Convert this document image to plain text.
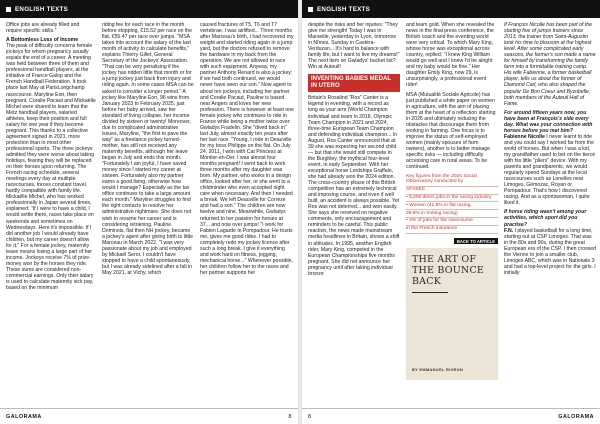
ENGLISH TEXTS

Office jobs are already filled and require specific skills."

A Bottomless Loss of Income

The peak of difficulty concerns female jockeys for whom pregnancy usually equals the end of a career. A meeting was held between three of them and professional handball players, at the initiative of France Galop and the French Handball Federation. It took place last May at ParisLongchamp racecourse. Maryline Eon, then pregnant, Coralie Pacaut and Mickaëlle Michel were shared to learn that the Metz handball players, salaried athletes, keep their position and full salary for one year if they become pregnant. This thanks to a collective agreement signed in 2021, more protection than in most other professional sports. The three jockeys admitted they were worse about taking holidays, fearing they will be replaced on their horses upon returning. The French racing schedule, several meetings every day at multiple racecourses, forces constant travel, hardly compatible with family life. Mickaëlle Michel, who has worked professionally in Japan several times, explained: "If I were to have a child, I would settle there, races take place on weekends and sometimes on Wednesdays. Here it's impossible. If I did another job I would already have children, but my career doesn't allow for it." For a female jockey, maternity leave means losing a large part of her income. Jockeys receive 7% of prize-money won by the horses they ride. These sums are considered non-commercial earnings. Only their salary is used to calculate maternity sick pay, based on the minimum

riding fee for each race in the month before stopping, €15.52 per race on the flat, €55.47 per race over jumps. "MSA takes into account the salary of the last month of activity to calculate benefits," explains Thierry Gillet, General Secretary of the Jockeys' Association. "That can be very penalising if the jockey has ridden little that month or for a jump jockey just back from injury and riding again. In some cases MSA can be asked to consider a longer period." A jockey like Maryline Eon, 96 wins from January 2023 to February 2025, just before her baby arrived, saw her standard of living collapse, her income divided by sixteen or twenty! Moreover, due to complicated administrative issues, Maryline, "the first to pave the way" as a freelance jockey turned-mother, has still not received any maternity benefits, although her leave began in July and ends this month. "Fortunately I am joyful, I have saved money since I started my career at sixteen. Fortunately also my partner earns a good living, otherwise how would I manage? Especially as the tax office continues to take a large amount each month." Maryline struggles to find the right contacts to resolve her administrative nightmare. She does not wish to resume her career and is considering retraining. Pauline Dominois, flat then NH jockey, became a jockey's agent after giving birth to little Marceau in March 2022. "I was very passionate about my job and employed by Mickaël Seror. I couldn't have stopped to have a child spontaneously, but I was already sidelined after a fall in May 2021, at Vichy, which

caused fractures of T5, T6 and T7 vertebrae. I was airlifted... Three months after Marceau's birth, I had recovered my weight and started riding again in a jump yard, but the doctors refused to remove the hardware in my back from the operation. We are not allowed to race with such equipment. Anyway, my partner Anthony Renard is also a jockey: if we had both continued, we would never have seen our son." Now agent to about ten jockeys, including her partner and Coralie Pacaut, Pauline is based near Angers and loves her new profession. There is however at least one female jockey who continues to ride in France while being a mother twice over: Gwladys Fradelin. She "dived back in" last July, almost exactly ten years after her last race. "Young, I rode in Deauville for my boss Philippe on the flat. On July 24, 2011, I won with Cat Princess at Montier-en-Der. I was almost four months pregnant! I went back to work three months after my daughter was born. My partner, who works in a design office, looked after her, or she went to a childminder who even accepted night care when necessary. And then I needed a break. We left Deauville for Corrèze and had a son." The children are now twelve and nine. Meanwhile, Gwladys returned to her passion for horses at 37... and now over jumps! "I work for Fabien Lagarde in Pompadour. He trusts me, gives me good rides. I had to completely redo my jockey licence after such a long break. I give it everything and work hard on fitness, jogging, mechanical horse..." Whenever possible, her children follow her to the races and her partner supports her

GALORAMA	8
ENGLISH TEXTS

despite the risks and her injuries: "They give me strength! Today I was in Marseille, yesterday in Lyon, tomorrow in Nîmes, Sunday in Castéra-Verduzan... It's hard to balance with family life, but I want to live my dreams!" The next item on Gwladys' bucket list? Win at Auteuil!

INVENTING BABIES MEDAL IN UTERO

Britain's Rosalind "Ros" Canter is a legend in eventing, with a record as long as your arm (World Champion individual and team in 2018, Olympic Team Champion in 2021 and 2024, three-time European Team Champion and defending individual champion... In August, Ros Canter announced that at 39 she was expecting her second child — but that she would still compete in the Burghley, the mythical four-level event, in early September. With her exceptional horse Lordships Graffalo, she had already won the 2024 edition. The cross-country phase of this British competition has an extremely technical and imposing course, and even if well built, an accident is always possible. Yet Ros was not deterred... and won easily. She says she received no negative comments, only encouragement and reminders to be careful. This public reaction, the news made mainstream media headlines in Britain, shows a shift in attitudes. In 1995, another English rider, Mary King, competed in the European Championships five months pregnant. She did not announce her pregnancy until after taking individual bronze

and team gold. When she revealed the news in the final press conference, the British coach and the eventing world were very critical. To which Mary King, whose horse was exceptional across country, replied: "I knew King William would go well and I knew I'd be alright and my baby would be fine." Her daughter Emily King, now 29, is unsurprisingly, a professional event rider!

MSA (Mutualité Sociale Agricole) has just published a white paper on women in agriculture, with the aim of placing them at the heart of a reflection starting in 2026 and ultimately reducing the obstacles that discourage them from working in farming. One focus is to improve the status of self-employed women (mainly spouses of farm owners), another is to better manage specific risks — including difficulty accessing care in rural areas. To be continued.

Key figures from the 2025 Social Observatory conducted by
AFASEC
• 5,200 direct jobs in the racing industry
• Women (41.8% in flat racing,
39.8% in trotting racing)
• 4% of jobs for the racecourse
in the French insurance
BACK TO ARTICLE
THE ART OF THE BOUNCE BACK
BY EMMANUEL RIVRON

If François Nicolle has been part of the starting five of jumps trainers since 2013, the trainer from Saint-Augustin took his time to blossom at the highest level. After some complicated early seasons, the farmer's son made a name for himself by transforming the family farm into a formidable training camp. His wife Fabienne, a former basketball player, tells us about the former of Diamond Carl, who also shaped the popular De Bon Coeur and Byzobelle, both members of the Auteuil Hall of Fame.

For around fifteen years now, you have been at François's side every day. What was your connection with horses before you met him?

Fabienne Nicolle I never learnt to ride and you could say I worked far from the world of horses. But when I was a kid, my grandfather used to bet on the tiercé with his little "pliers" device. With my parents and grandparents, we would regularly spend Sundays at the local racecourses such as Lonelles near Limoges, Gémozac, Royan or Pompadour. That's how I discovered racing. And as a sportswoman, I quite liked it.

If horse riding wasn't among your activities, which sport did you practise?

F.N. I played basketball for a long time, starting out at CSP Limoges. That was in the 80s and 90s, during the great European era of the CSP. I then crossed the Vienne to join a smaller club, Limoges ABC, which was in Nationale 3 and had a top-level project for the girls. I initially

8	GALORAMA
